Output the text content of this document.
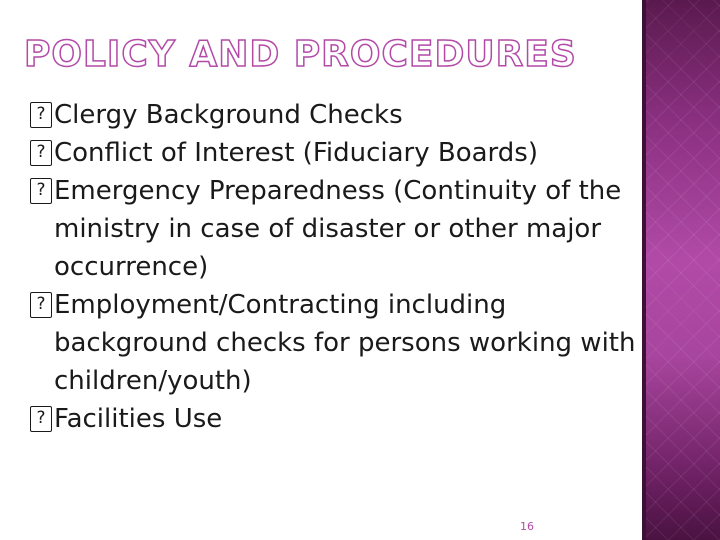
POLICY AND PROCEDURES
? Clergy Background Checks
? Conflict of Interest (Fiduciary Boards)
? Emergency Preparedness (Continuity of the ministry in case of disaster or other major occurrence)
? Employment/Contracting including background checks for persons working with children/youth)
? Facilities Use
16
